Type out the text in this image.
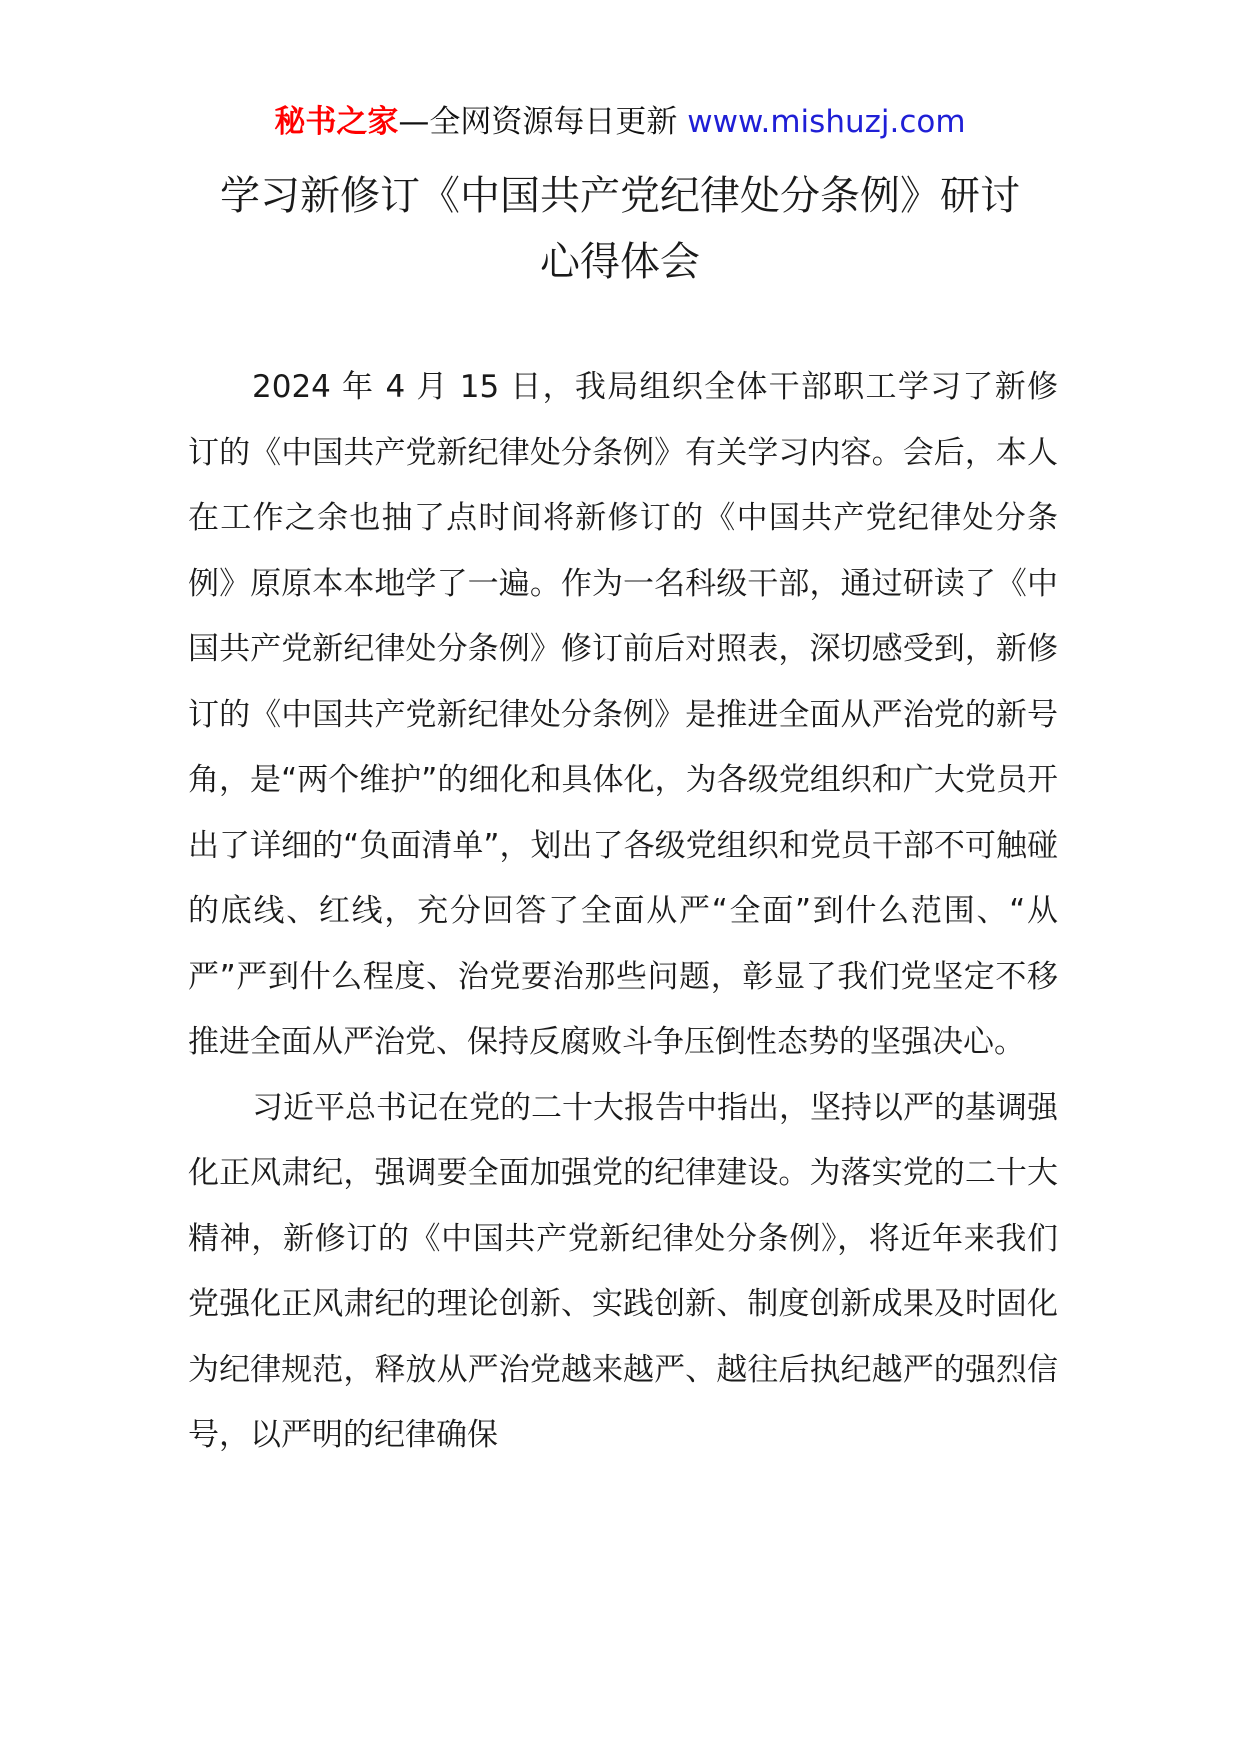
秘书之家—全网资源每日更新 www.mishuzj.com
学习新修订《中国共产党纪律处分条例》研讨
心得体会

2024 年 4 月 15 日，我局组织全体干部职工学习了新修订的《中国共产党新纪律处分条例》有关学习内容。会后，本人在工作之余也抽了点时间将新修订的《中国共产党纪律处分条例》原原本本地学了一遍。作为一名科级干部，通过研读了《中国共产党新纪律处分条例》修订前后对照表，深切感受到，新修订的《中国共产党新纪律处分条例》是推进全面从严治党的新号角，是“两个维护”的细化和具体化，为各级党组织和广大党员开出了详细的“负面清单”，划出了各级党组织和党员干部不可触碰的底线、红线，充分回答了全面从严“全面”到什么范围、“从严”严到什么程度、治党要治那些问题，彰显了我们党坚定不移推进全面从严治党、保持反腐败斗争压倒性态势的坚强决心。

习近平总书记在党的二十大报告中指出，坚持以严的基调强化正风肃纪，强调要全面加强党的纪律建设。为落实党的二十大精神，新修订的《中国共产党新纪律处分条例》，将近年来我们党强化正风肃纪的理论创新、实践创新、制度创新成果及时固化为纪律规范，释放从严治党越来越严、越往后执纪越严的强烈信号，以严明的纪律确保
